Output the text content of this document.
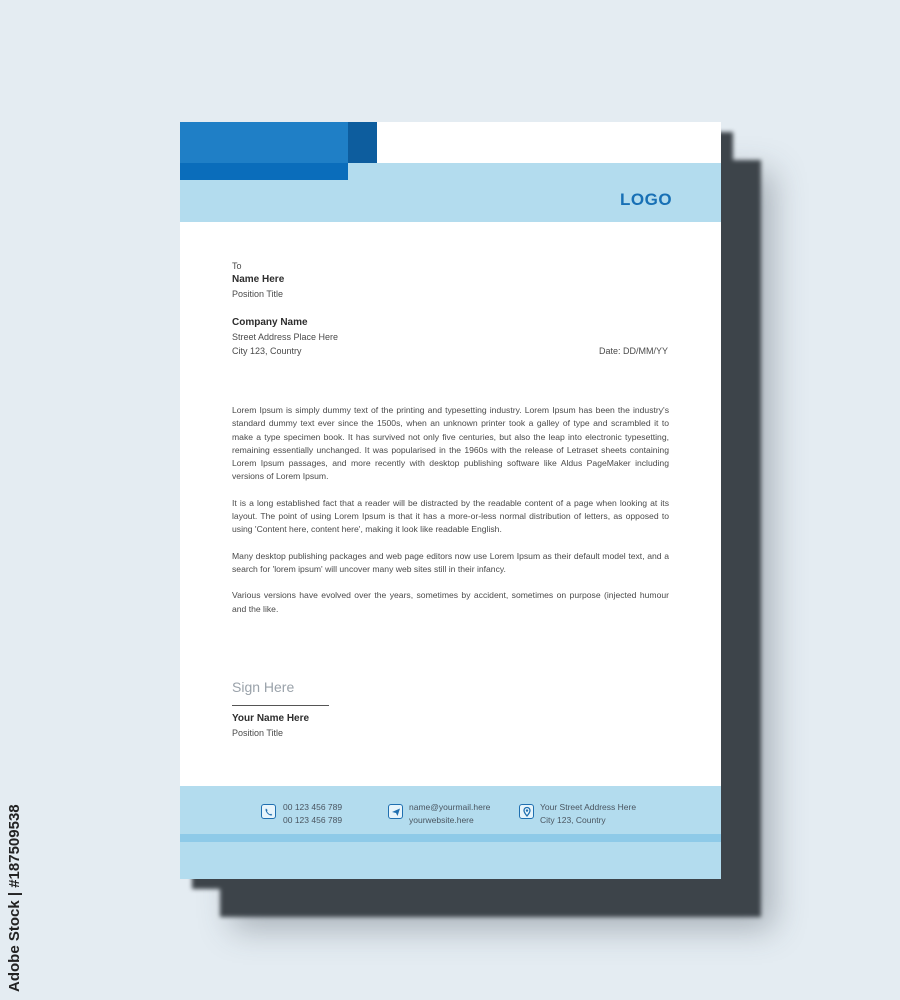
LOGO
To
Name Here
Position Title
Company Name
Street Address Place Here
City 123, Country	Date: DD/MM/YY

Lorem Ipsum is simply dummy text of the printing and typesetting industry. Lorem Ipsum has been the industry's standard dummy text ever since the 1500s, when an unknown printer took a galley of type and scrambled it to make a type specimen book. It has survived not only five centuries, but also the leap into electronic typesetting, remaining essentially unchanged. It was popularised in the 1960s with the release of Letraset sheets containing Lorem Ipsum passages, and more recently with desktop publishing software like Aldus PageMaker including versions of Lorem Ipsum.

It is a long established fact that a reader will be distracted by the readable content of a page when looking at its layout. The point of using Lorem Ipsum is that it has a more-or-less normal distribution of letters, as opposed to using 'Content here, content here', making it look like readable English.

Many desktop publishing packages and web page editors now use Lorem Ipsum as their default model text, and a search for 'lorem ipsum' will uncover many web sites still in their infancy.

Various versions have evolved over the years, sometimes by accident, sometimes on purpose (injected humour and the like.

Sign Here
Your Name Here
Position Title
00 123 456 789
00 123 456 789
name@yourmail.here
yourwebsite.here
Your Street Address Here
City 123, Country
Adobe Stock | #187509538
